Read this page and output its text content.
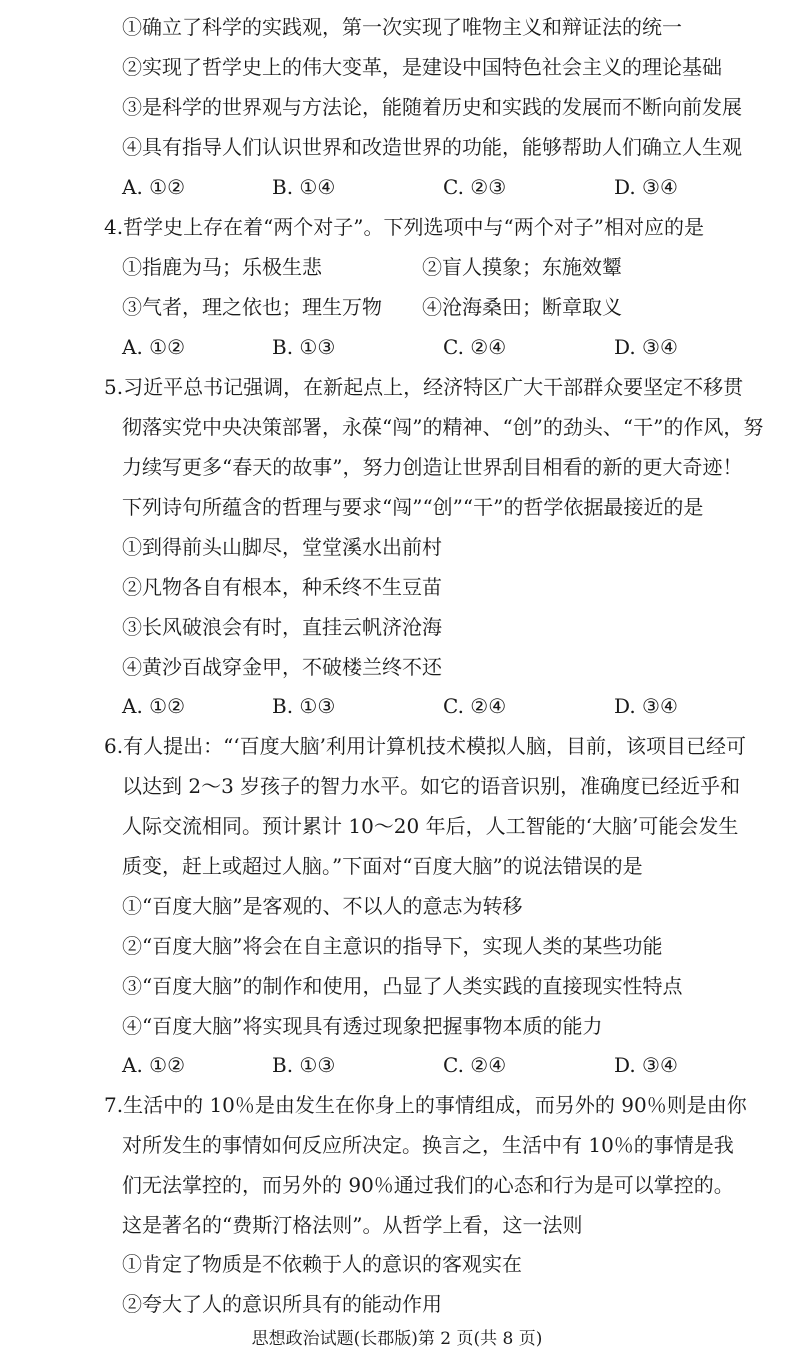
①确立了科学的实践观，第一次实现了唯物主义和辩证法的统一
②实现了哲学史上的伟大变革，是建设中国特色社会主义的理论基础
③是科学的世界观与方法论，能随着历史和实践的发展而不断向前发展
④具有指导人们认识世界和改造世界的功能，能够帮助人们确立人生观
A. ①②	B. ①④	C. ②③	D. ③④
4.哲学史上存在着“两个对子”。下列选项中与“两个对子”相对应的是
①指鹿为马；乐极生悲	②盲人摸象；东施效颦
③气者，理之依也；理生万物 ④沧海桑田；断章取义
A. ①②	B. ①③	C. ②④	D. ③④
5.习近平总书记强调，在新起点上，经济特区广大干部群众要坚定不移贯
彻落实党中央决策部署，永葆“闯”的精神、“创”的劲头、“干”的作风，努
力续写更多“春天的故事”，努力创造让世界刮目相看的新的更大奇迹！
下列诗句所蕴含的哲理与要求“闯”“创”“干”的哲学依据最接近的是
①到得前头山脚尽，堂堂溪水出前村
②凡物各自有根本，种禾终不生豆苗
③长风破浪会有时，直挂云帆济沧海
④黄沙百战穿金甲，不破楼兰终不还
A. ①②	B. ①③	C. ②④	D. ③④
6.有人提出：“‘百度大脑’利用计算机技术模拟人脑，目前，该项目已经可
以达到 2～3 岁孩子的智力水平。如它的语音识别，准确度已经近乎和
人际交流相同。预计累计 10～20 年后，人工智能的‘大脑’可能会发生
质变，赶上或超过人脑。”下面对“百度大脑”的说法错误的是
①“百度大脑”是客观的、不以人的意志为转移
②“百度大脑”将会在自主意识的指导下，实现人类的某些功能
③“百度大脑”的制作和使用，凸显了人类实践的直接现实性特点
④“百度大脑”将实现具有透过现象把握事物本质的能力
A. ①②	B. ①③	C. ②④	D. ③④
7.生活中的 10％是由发生在你身上的事情组成，而另外的 90％则是由你
对所发生的事情如何反应所决定。换言之，生活中有 10％的事情是我
们无法掌控的，而另外的 90％通过我们的心态和行为是可以掌控的。
这是著名的“费斯汀格法则”。从哲学上看，这一法则
①肯定了物质是不依赖于人的意识的客观实在
②夸大了人的意识所具有的能动作用
思想政治试题(长郡版)第 2 页(共 8 页)
